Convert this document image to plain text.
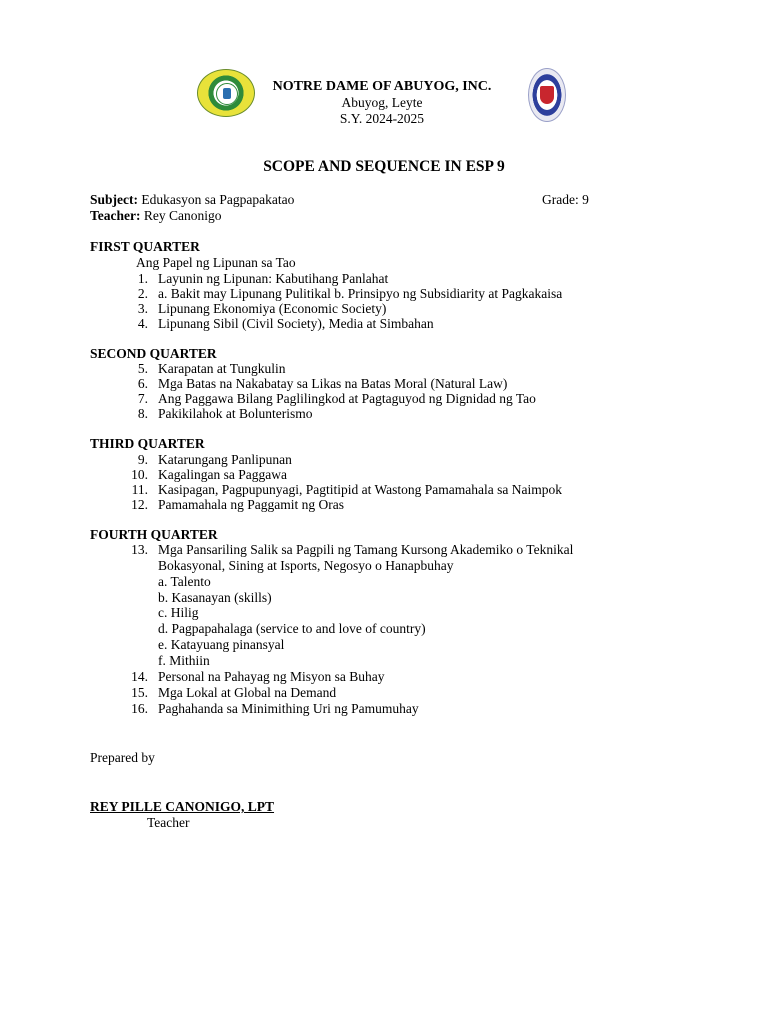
NOTRE DAME OF ABUYOG, INC.
Abuyog, Leyte
S.Y. 2024-2025
SCOPE AND SEQUENCE IN ESP 9
Subject: Edukasyon sa Pagpapakatao	Grade: 9
Teacher: Rey Canonigo
FIRST QUARTER
Ang Papel ng Lipunan sa Tao
1. Layunin ng Lipunan: Kabutihang Panlahat
2. a. Bakit may Lipunang Pulitikal b. Prinsipyo ng Subsidiarity at Pagkakaisa
3. Lipunang Ekonomiya (Economic Society)
4. Lipunang Sibil (Civil Society), Media at Simbahan
SECOND QUARTER
5. Karapatan at Tungkulin
6. Mga Batas na Nakabatay sa Likas na Batas Moral (Natural Law)
7. Ang Paggawa Bilang Paglilingkod at Pagtaguyod ng Dignidad ng Tao
8. Pakikilahok at Bolunterismo
THIRD QUARTER
9. Katarungang Panlipunan
10. Kagalingan sa Paggawa
11. Kasipagan, Pagpupunyagi, Pagtitipid at Wastong Pamamahala sa Naimpok
12. Pamamahala ng Paggamit ng Oras
FOURTH QUARTER
13. Mga Pansariling Salik sa Pagpili ng Tamang Kursong Akademiko o Teknikal
Bokasyonal, Sining at Isports, Negosyo o Hanapbuhay
a. Talento
b. Kasanayan (skills)
c. Hilig
d. Pagpapahalaga (service to and love of country)
e. Katayuang pinansyal
f. Mithiin
14. Personal na Pahayag ng Misyon sa Buhay
15. Mga Lokal at Global na Demand
16. Paghahanda sa Minimithing Uri ng Pamumuhay
Prepared by
REY PILLE CANONIGO, LPT
Teacher
